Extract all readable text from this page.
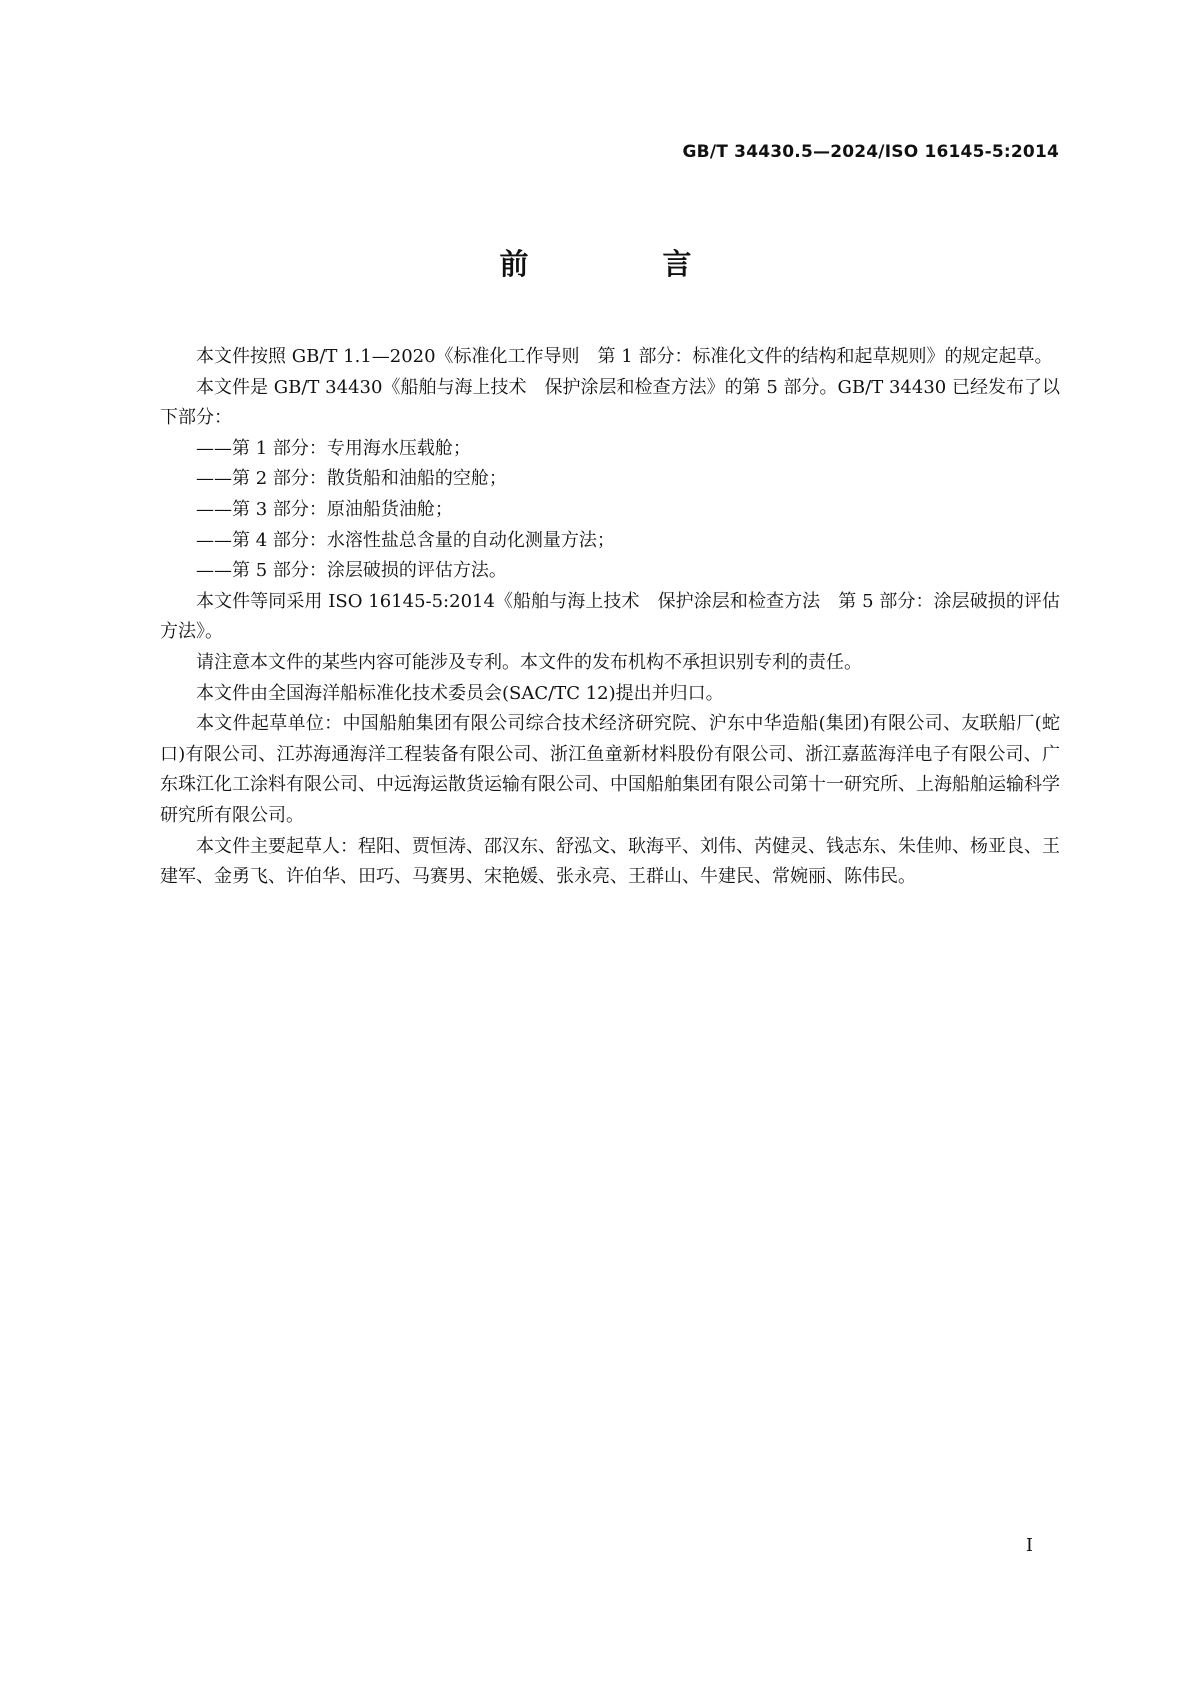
GB/T 34430.5—2024/ISO 16145-5:2014
前 言

本文件按照 GB/T 1.1—2020《标准化工作导则　第 1 部分：标准化文件的结构和起草规则》的规定起草。

本文件是 GB/T 34430《船舶与海上技术　保护涂层和检查方法》的第 5 部分。GB/T 34430 已经发布了以下部分：

——第 1 部分：专用海水压载舱；

——第 2 部分：散货船和油船的空舱；

——第 3 部分：原油船货油舱；

——第 4 部分：水溶性盐总含量的自动化测量方法；

——第 5 部分：涂层破损的评估方法。

本文件等同采用 ISO 16145-5:2014《船舶与海上技术　保护涂层和检查方法　第 5 部分：涂层破损的评估方法》。

请注意本文件的某些内容可能涉及专利。本文件的发布机构不承担识别专利的责任。

本文件由全国海洋船标准化技术委员会(SAC/TC 12)提出并归口。

本文件起草单位：中国船舶集团有限公司综合技术经济研究院、沪东中华造船(集团)有限公司、友联船厂(蛇口)有限公司、江苏海通海洋工程装备有限公司、浙江鱼童新材料股份有限公司、浙江嘉蓝海洋电子有限公司、广东珠江化工涂料有限公司、中远海运散货运输有限公司、中国船舶集团有限公司第十一研究所、上海船舶运输科学研究所有限公司。

本文件主要起草人：程阳、贾恒涛、邵汉东、舒泓文、耿海平、刘伟、芮健灵、钱志东、朱佳帅、杨亚良、王建军、金勇飞、许伯华、田巧、马赛男、宋艳媛、张永亮、王群山、牛建民、常婉丽、陈伟民。

I
